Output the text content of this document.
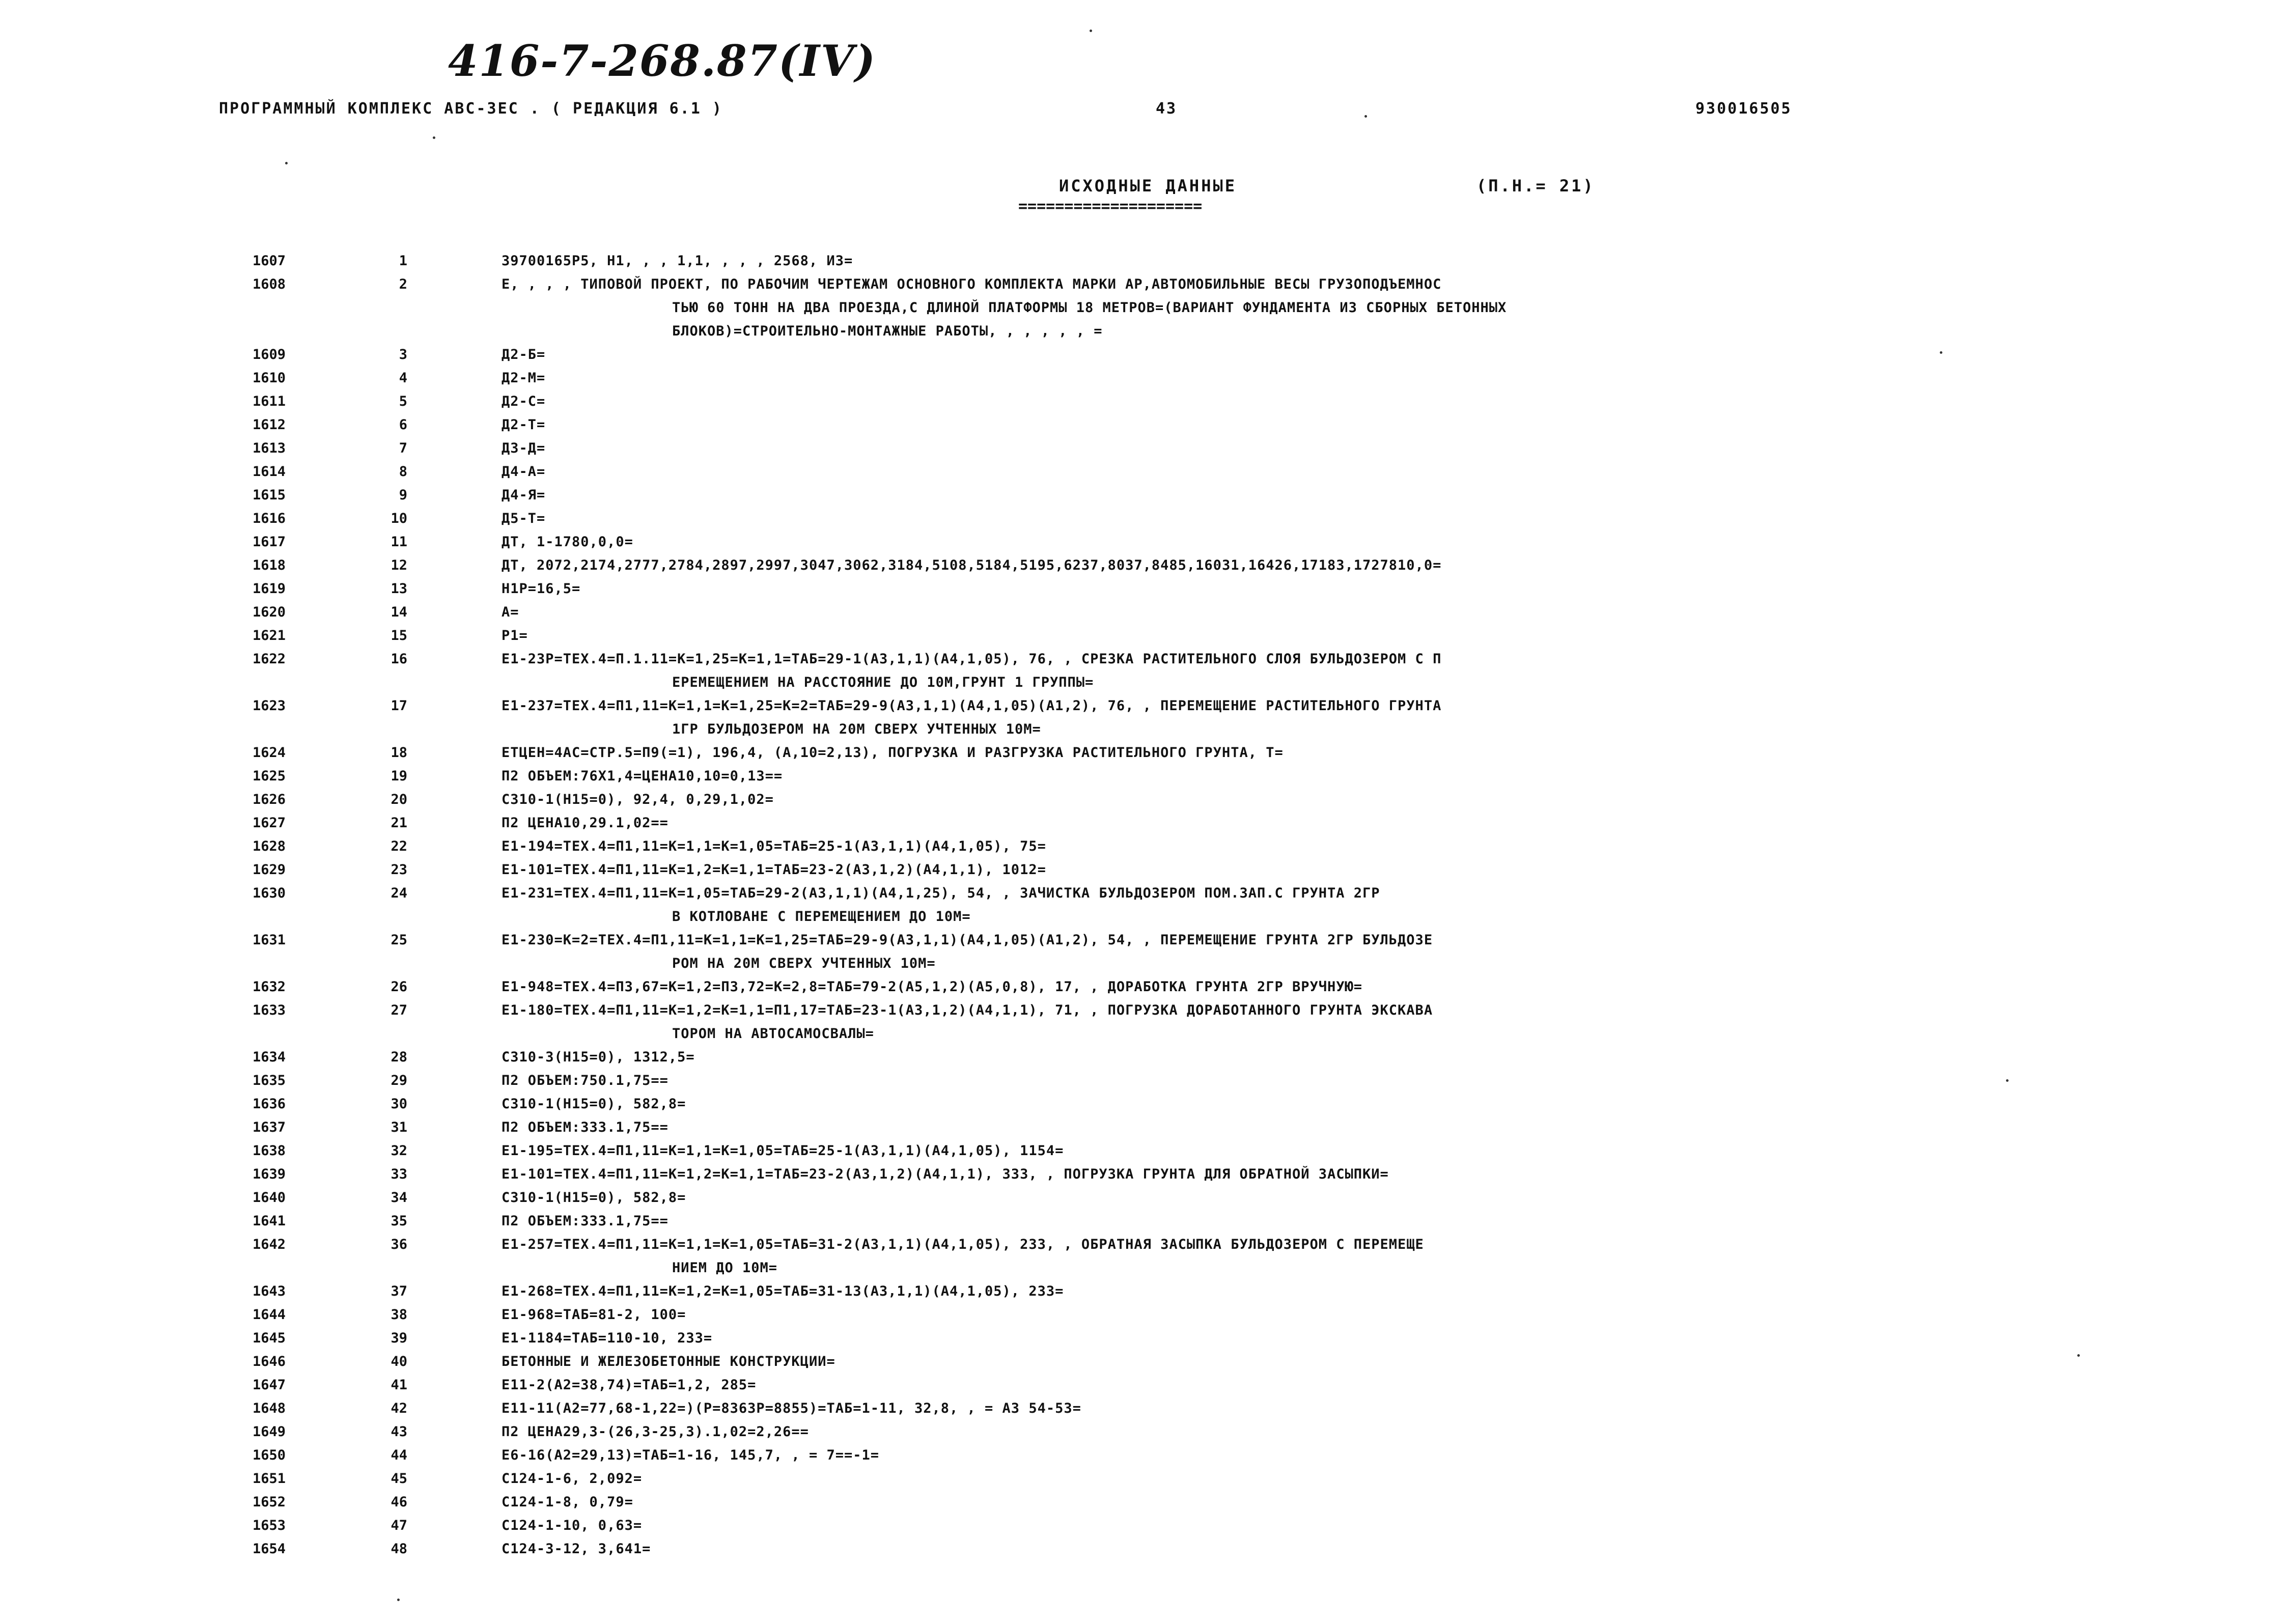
416-7-268.87(IV)
ПРОГРАММНЫЙ КОМПЛЕКС АВС-ЗЕС . ( РЕДАКЦИЯ 6.1 )	43	930016505
ИСХОДНЫЕ ДАННЫЕ
====================
(П.Н.= 21)
1607	1	39700165Р5, Н1, , , 1,1, , , , 2568, ИЗ=
1608	2	Е, , , , ТИПОВОЙ ПРОЕКТ, ПО РАБОЧИМ ЧЕРТЕЖАМ ОСНОВНОГО КОМПЛЕКТА МАРКИ АР,АВТОМОБИЛЬНЫЕ ВЕСЫ ГРУЗОПОДЪЕМНОС
ТЬЮ 60 ТОНН НА ДВА ПРОЕЗДА,С ДЛИНОЙ ПЛАТФОРМЫ 18 МЕТРОВ=(ВАРИАНТ ФУНДАМЕНТА ИЗ СБОРНЫХ БЕТОННЫХ
БЛОКОВ)=СТРОИТЕЛЬНО-МОНТАЖНЫЕ РАБОТЫ, , , , , , =
1609	3	Д2-Б=
1610	4	Д2-М=
1611	5	Д2-С=
1612	6	Д2-Т=
1613	7	Д3-Д=
1614	8	Д4-А=
1615	9	Д4-Я=
1616	10	Д5-Т=
1617	11	ДТ, 1-1780,0,0=
1618	12	ДТ, 2072,2174,2777,2784,2897,2997,3047,3062,3184,5108,5184,5195,6237,8037,8485,16031,16426,17183,1727810,0=
1619	13	Н1Р=16,5=
1620	14	А=
1621	15	Р1=
1622	16	Е1-23Р=ТЕХ.4=П.1.11=К=1,25=К=1,1=ТАБ=29-1(А3,1,1)(А4,1,05), 76, , СРЕЗКА РАСТИТЕЛЬНОГО СЛОЯ БУЛЬДОЗЕРОМ С П
ЕРЕМЕЩЕНИЕМ НА РАССТОЯНИЕ ДО 10М,ГРУНТ 1 ГРУППЫ=
1623	17	Е1-237=ТЕХ.4=П1,11=К=1,1=К=1,25=К=2=ТАБ=29-9(А3,1,1)(А4,1,05)(А1,2), 76, , ПЕРЕМЕЩЕНИЕ РАСТИТЕЛЬНОГО ГРУНТА
1ГР БУЛЬДОЗЕРОМ НА 20М СВЕРХ УЧТЕННЫХ 10М=
1624	18	ЕТЦЕН=4АС=СТР.5=П9(=1), 196,4, (А,10=2,13), ПОГРУЗКА И РАЗГРУЗКА РАСТИТЕЛЬНОГО ГРУНТА, Т=
1625	19	П2 ОБЪЕМ:76Х1,4=ЦЕНА10,10=0,13==
1626	20	С310-1(Н15=0), 92,4, 0,29,1,02=
1627	21	П2 ЦЕНА10,29.1,02==
1628	22	Е1-194=ТЕХ.4=П1,11=К=1,1=К=1,05=ТАБ=25-1(А3,1,1)(А4,1,05), 75=
1629	23	Е1-101=ТЕХ.4=П1,11=К=1,2=К=1,1=ТАБ=23-2(А3,1,2)(А4,1,1), 1012=
1630	24	Е1-231=ТЕХ.4=П1,11=К=1,05=ТАБ=29-2(А3,1,1)(А4,1,25), 54, , ЗАЧИСТКА БУЛЬДОЗЕРОМ ПОМ.ЗАП.С ГРУНТА 2ГР
В КОТЛОВАНЕ С ПЕРЕМЕЩЕНИЕМ ДО 10М=
1631	25	Е1-230=К=2=ТЕХ.4=П1,11=К=1,1=К=1,25=ТАБ=29-9(А3,1,1)(А4,1,05)(А1,2), 54, , ПЕРЕМЕЩЕНИЕ ГРУНТА 2ГР БУЛЬДОЗЕ
РОМ НА 20М СВЕРХ УЧТЕННЫХ 10М=
1632	26	Е1-948=ТЕХ.4=П3,67=К=1,2=П3,72=К=2,8=ТАБ=79-2(А5,1,2)(А5,0,8), 17, , ДОРАБОТКА ГРУНТА 2ГР ВРУЧНУЮ=
1633	27	Е1-180=ТЕХ.4=П1,11=К=1,2=К=1,1=П1,17=ТАБ=23-1(А3,1,2)(А4,1,1), 71, , ПОГРУЗКА ДОРАБОТАННОГО ГРУНТА ЭКСКАВА
ТОРОМ НА АВТОСАМОСВАЛЫ=
1634	28	С310-3(Н15=0), 1312,5=
1635	29	П2 ОБЪЕМ:750.1,75==
1636	30	С310-1(Н15=0), 582,8=
1637	31	П2 ОБЪЕМ:333.1,75==
1638	32	Е1-195=ТЕХ.4=П1,11=К=1,1=К=1,05=ТАБ=25-1(А3,1,1)(А4,1,05), 1154=
1639	33	Е1-101=ТЕХ.4=П1,11=К=1,2=К=1,1=ТАБ=23-2(А3,1,2)(А4,1,1), 333, , ПОГРУЗКА ГРУНТА ДЛЯ ОБРАТНОЙ ЗАСЫПКИ=
1640	34	С310-1(Н15=0), 582,8=
1641	35	П2 ОБЪЕМ:333.1,75==
1642	36	Е1-257=ТЕХ.4=П1,11=К=1,1=К=1,05=ТАБ=31-2(А3,1,1)(А4,1,05), 233, , ОБРАТНАЯ ЗАСЫПКА БУЛЬДОЗЕРОМ С ПЕРЕМЕЩЕ
НИЕМ ДО 10М=
1643	37	Е1-268=ТЕХ.4=П1,11=К=1,2=К=1,05=ТАБ=31-13(А3,1,1)(А4,1,05), 233=
1644	38	Е1-968=ТАБ=81-2, 100=
1645	39	Е1-1184=ТАБ=110-10, 233=
1646	40	БЕТОННЫЕ И ЖЕЛЕЗОБЕТОННЫЕ КОНСТРУКЦИИ=
1647	41	Е11-2(А2=38,74)=ТАБ=1,2, 285=
1648	42	Е11-11(А2=77,68-1,22=)(Р=8363Р=8855)=ТАБ=1-11, 32,8, , = А3 54-53=
1649	43	П2 ЦЕНА29,3-(26,3-25,3).1,02=2,26==
1650	44	Е6-16(А2=29,13)=ТАБ=1-16, 145,7, , = 7==-1=
1651	45	С124-1-6, 2,092=
1652	46	С124-1-8, 0,79=
1653	47	С124-1-10, 0,63=
1654	48	С124-3-12, 3,641=
